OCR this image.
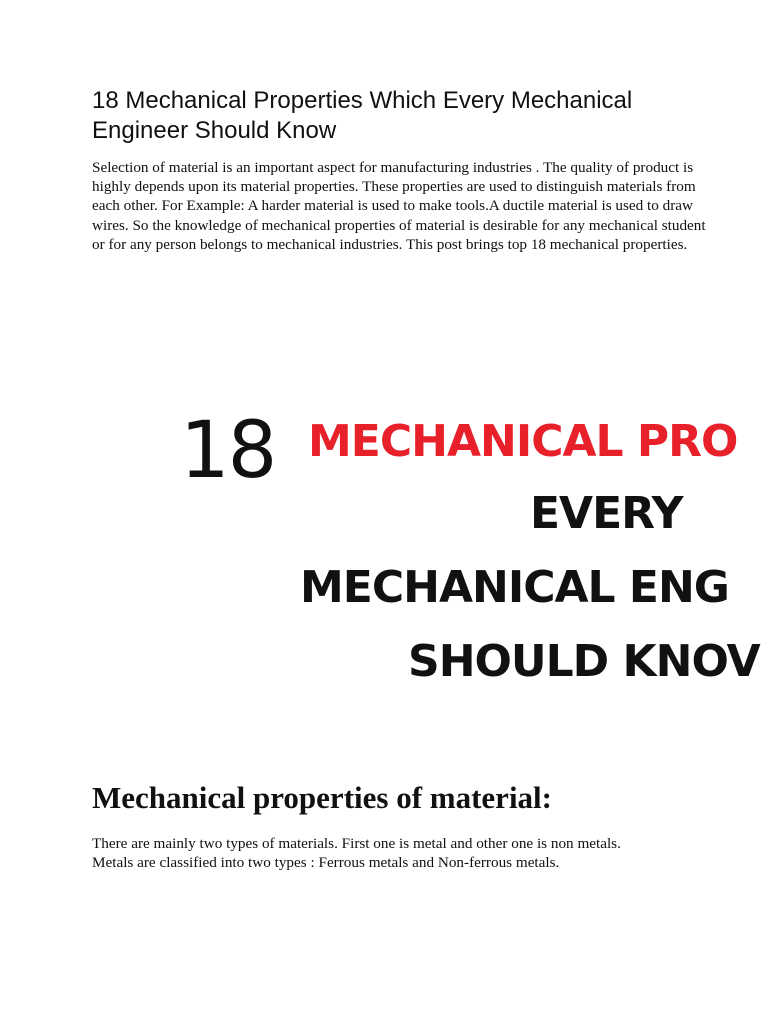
18 Mechanical Properties Which Every Mechanical Engineer Should Know

Selection of material is an important aspect for manufacturing industries . The quality of product is highly depends upon its material properties. These properties are used to distinguish materials from each other. For Example: A harder material is used to make tools.A ductile material is used to draw wires. So the knowledge of mechanical properties of material is desirable for any mechanical student or for any person belongs to mechanical industries. This post brings top 18 mechanical properties.

18 MECHANICAL PRO
EVERY
MECHANICAL ENG
SHOULD KNOV
Mechanical properties of material:

There are mainly two types of materials. First one is metal and other one is non metals. Metals are classified into two types : Ferrous metals and Non-ferrous metals.
